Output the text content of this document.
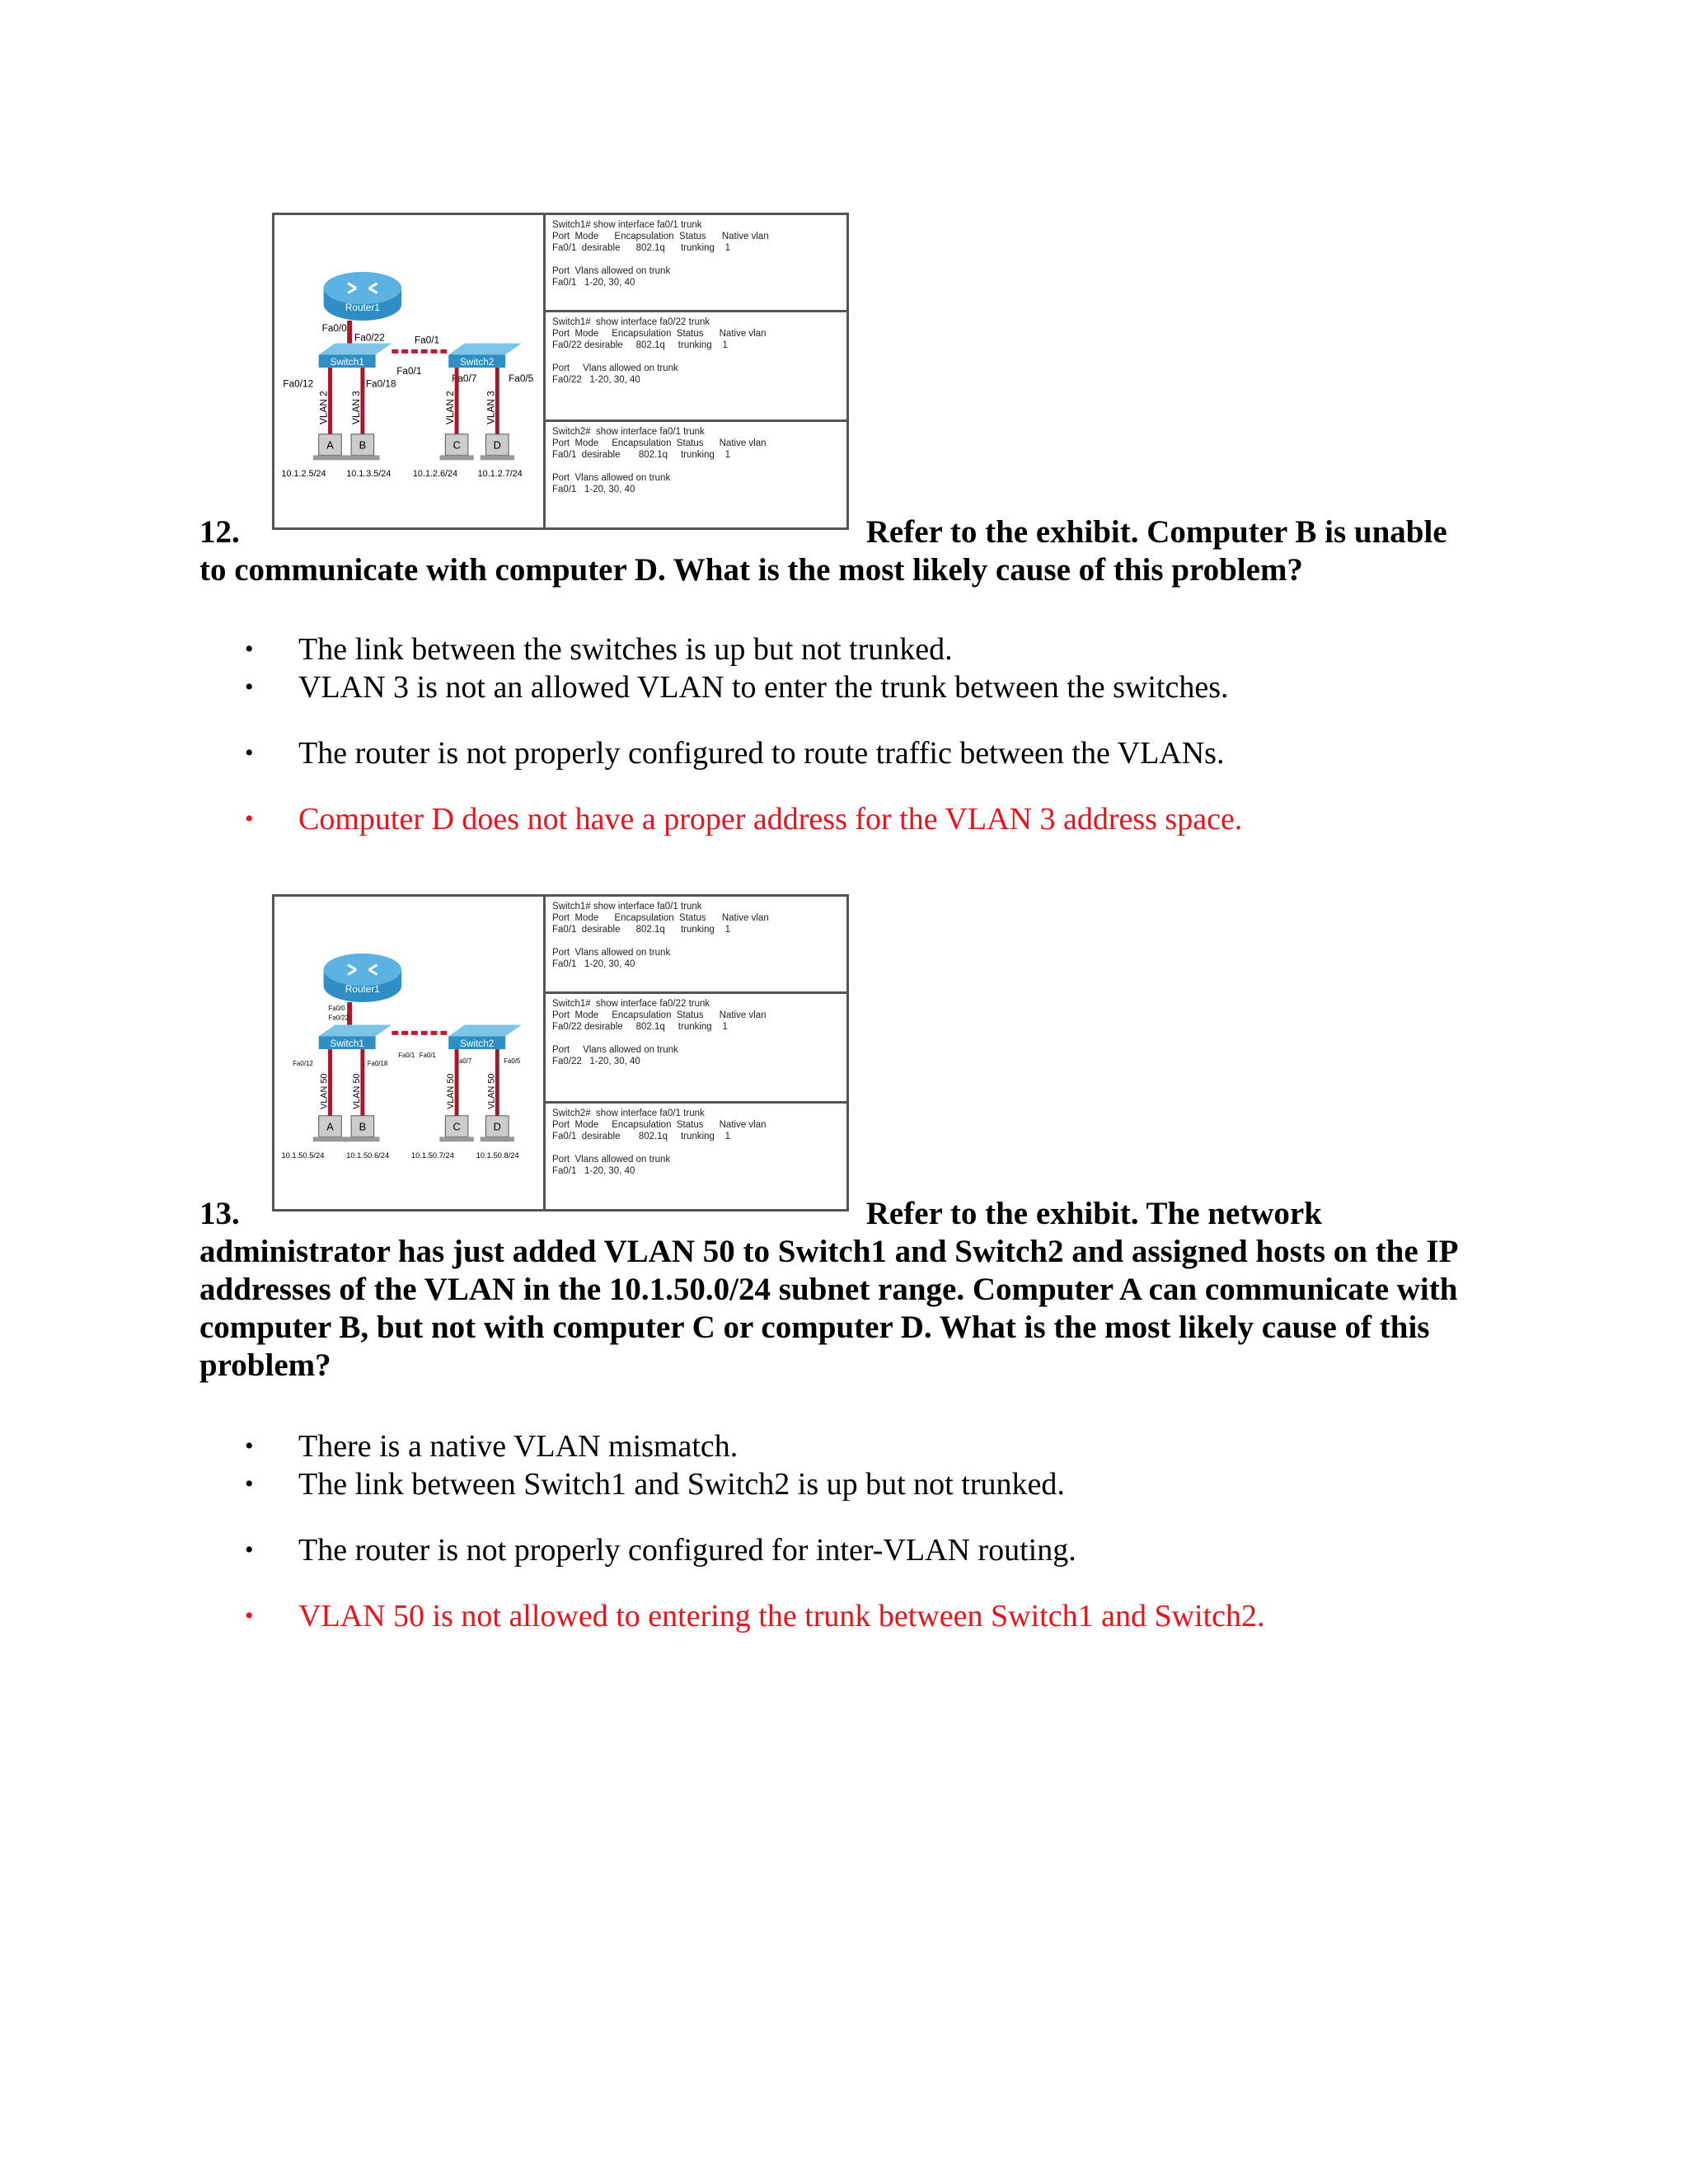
Router1
Fa0/0
Fa0/22
Switch1	Switch2
Fa0/1
Fa0/1
Fa0/12	Fa0/18	Fa0/7	Fa0/5
VLAN 2 VLAN 3	VLAN 2	VLAN 3
A B	C	D
10.1.2.5/24 10.1.3.5/24 10.1.2.6/24 10.1.2.7/24
Switch1# show interface fa0/1 trunk
Port  Mode      Encapsulation  Status      Native vlan
Fa0/1  desirable      802.1q      trunking    1

Port  Vlans allowed on trunk
Fa0/1   1-20, 30, 40
Switch1#  show interface fa0/22 trunk
Port  Mode     Encapsulation  Status      Native vlan
Fa0/22 desirable     802.1q     trunking    1

Port     Vlans allowed on trunk
Fa0/22   1-20, 30, 40
Switch2#  show interface fa0/1 trunk
Port  Mode     Encapsulation  Status      Native vlan
Fa0/1  desirable       802.1q     trunking    1

Port  Vlans allowed on trunk
Fa0/1   1-20, 30, 40

12.	Refer to the exhibit. Computer B is unable
to communicate with computer D. What is the most likely cause of this problem?

• The link between the switches is up but not trunked.
• VLAN 3 is not an allowed VLAN to enter the trunk between the switches.
• The router is not properly configured to route traffic between the VLANs.
• Computer D does not have a proper address for the VLAN 3 address space.
Router1
Fa0/0
Fa0/22
Switch1	Switch2
Fa0/1 Fa0/1
Fa0/12	Fa0/18	Fa0/7	Fa0/5
VLAN 50 VLAN 50	VLAN 50	VLAN 50
A B	C	D
10.1.50.5/24	10.1.50.6/24	10.1.50.7/24	10.1.50.8/24
Switch1# show interface fa0/1 trunk
Port  Mode      Encapsulation  Status      Native vlan
Fa0/1  desirable      802.1q      trunking    1

Port  Vlans allowed on trunk
Fa0/1   1-20, 30, 40
Switch1#  show interface fa0/22 trunk
Port  Mode     Encapsulation  Status      Native vlan
Fa0/22 desirable     802.1q     trunking    1

Port     Vlans allowed on trunk
Fa0/22   1-20, 30, 40
Switch2#  show interface fa0/1 trunk
Port  Mode     Encapsulation  Status      Native vlan
Fa0/1  desirable       802.1q     trunking    1

Port  Vlans allowed on trunk
Fa0/1   1-20, 30, 40

13.	Refer to the exhibit. The network
administrator has just added VLAN 50 to Switch1 and Switch2 and assigned hosts on the IP addresses of the VLAN in the 10.1.50.0/24 subnet range. Computer A can communicate with computer B, but not with computer C or computer D. What is the most likely cause of this problem?

• There is a native VLAN mismatch.
• The link between Switch1 and Switch2 is up but not trunked.
• The router is not properly configured for inter-VLAN routing.
• VLAN 50 is not allowed to entering the trunk between Switch1 and Switch2.
